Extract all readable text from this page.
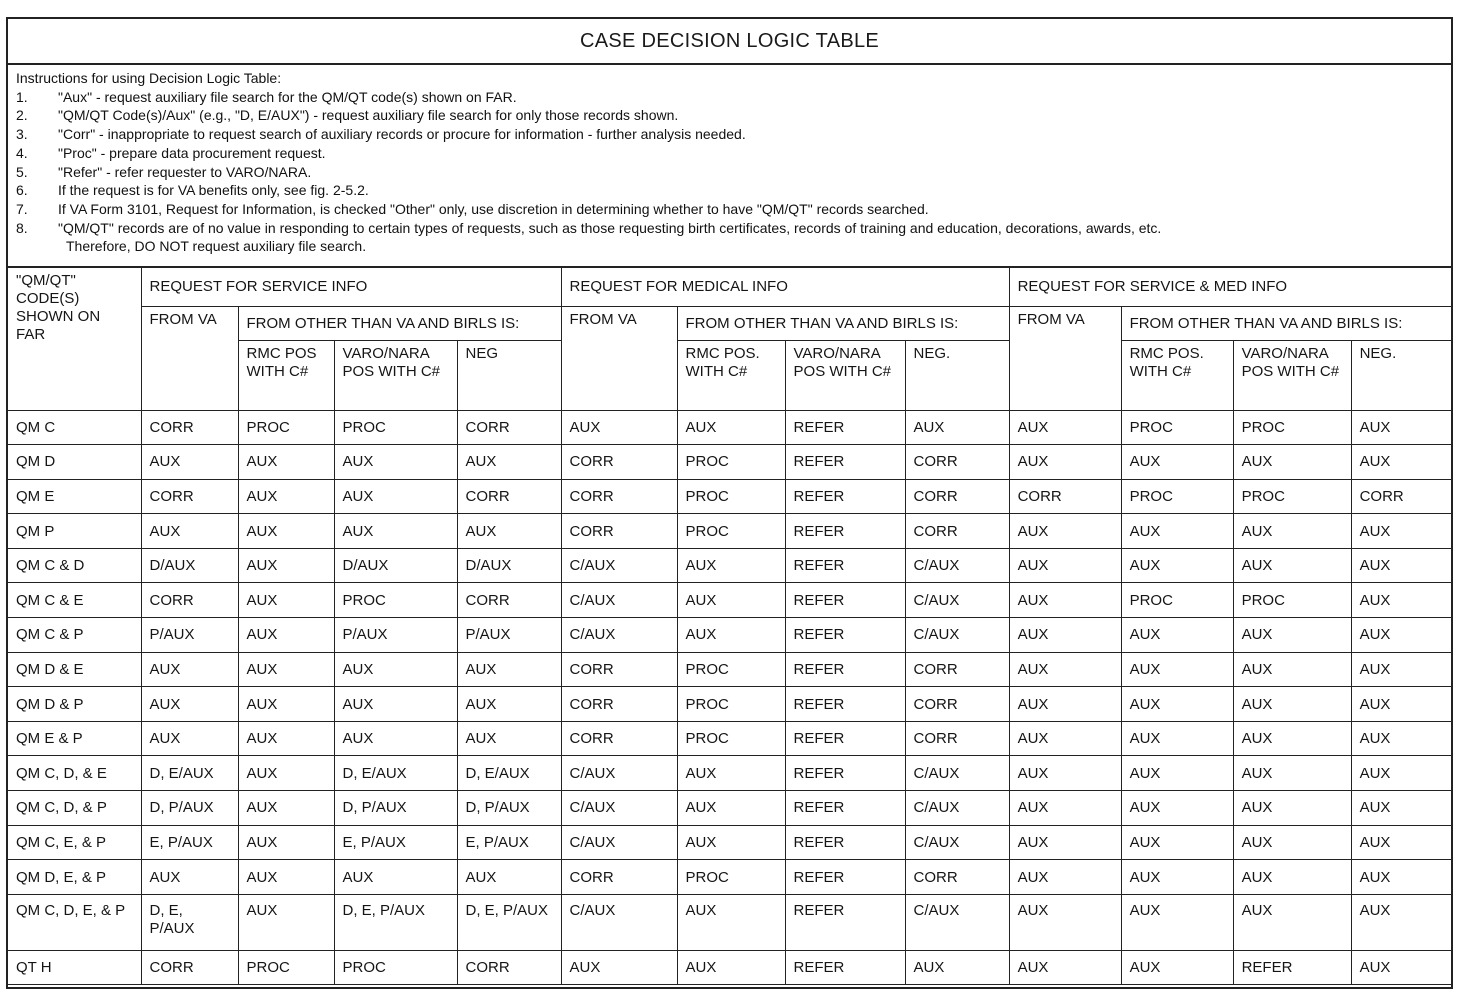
CASE DECISION LOGIC TABLE
Instructions for using Decision Logic Table:
1.	"Aux" - request auxiliary file search for the QM/QT code(s) shown on FAR.
2.	"QM/QT Code(s)/Aux" (e.g., "D, E/AUX") - request auxiliary file search for only those records shown.
3.	"Corr" - inappropriate to request search of auxiliary records or procure for information - further analysis needed.
4.	"Proc" - prepare data procurement request.
5.	"Refer" - refer requester to VARO/NARA.
6.	If the request is for VA benefits only, see fig. 2-5.2.
7.	If VA Form 3101, Request for Information, is checked "Other" only, use discretion in determining whether to have "QM/QT" records searched.
8.	"QM/QT" records are of no value in responding to certain types of requests, such as those requesting birth certificates, records of training and education, decorations, awards, etc.
Therefore, DO NOT request auxiliary file search.
"QM/QT" CODE(S) SHOWN ON FAR	REQUEST FOR SERVICE INFO				REQUEST FOR MEDICAL INFO				REQUEST FOR SERVICE & MED INFO			
	FROM VA	FROM OTHER THAN VA AND BIRLS IS:			FROM VA	FROM OTHER THAN VA AND BIRLS IS:			FROM VA	FROM OTHER THAN VA AND BIRLS IS:		
		RMC POS WITH C#	VARO/NARA POS WITH C#	NEG		RMC POS. WITH C#	VARO/NARA POS WITH C#	NEG.		RMC POS. WITH C#	VARO/NARA POS WITH C#	NEG.
QM C	CORR	PROC	PROC	CORR	AUX	AUX	REFER	AUX	AUX	PROC	PROC	AUX
QM D	AUX	AUX	AUX	AUX	CORR	PROC	REFER	CORR	AUX	AUX	AUX	AUX
QM E	CORR	AUX	AUX	CORR	CORR	PROC	REFER	CORR	CORR	PROC	PROC	CORR
QM P	AUX	AUX	AUX	AUX	CORR	PROC	REFER	CORR	AUX	AUX	AUX	AUX
QM C & D	D/AUX	AUX	D/AUX	D/AUX	C/AUX	AUX	REFER	C/AUX	AUX	AUX	AUX	AUX
QM C & E	CORR	AUX	PROC	CORR	C/AUX	AUX	REFER	C/AUX	AUX	PROC	PROC	AUX
QM C & P	P/AUX	AUX	P/AUX	P/AUX	C/AUX	AUX	REFER	C/AUX	AUX	AUX	AUX	AUX
QM D & E	AUX	AUX	AUX	AUX	CORR	PROC	REFER	CORR	AUX	AUX	AUX	AUX
QM D & P	AUX	AUX	AUX	AUX	CORR	PROC	REFER	CORR	AUX	AUX	AUX	AUX
QM E & P	AUX	AUX	AUX	AUX	CORR	PROC	REFER	CORR	AUX	AUX	AUX	AUX
QM C, D, & E	D, E/AUX	AUX	D, E/AUX	D, E/AUX	C/AUX	AUX	REFER	C/AUX	AUX	AUX	AUX	AUX
QM C, D, & P	D, P/AUX	AUX	D, P/AUX	D, P/AUX	C/AUX	AUX	REFER	C/AUX	AUX	AUX	AUX	AUX
QM C, E, & P	E, P/AUX	AUX	E, P/AUX	E, P/AUX	C/AUX	AUX	REFER	C/AUX	AUX	AUX	AUX	AUX
QM D, E, & P	AUX	AUX	AUX	AUX	CORR	PROC	REFER	CORR	AUX	AUX	AUX	AUX
QM C, D, E, & P	D, E, P/AUX	AUX	D, E, P/AUX	D, E, P/AUX	C/AUX	AUX	REFER	C/AUX	AUX	AUX	AUX	AUX
QT H	CORR	PROC	PROC	CORR	AUX	AUX	REFER	AUX	AUX	AUX	REFER	AUX
